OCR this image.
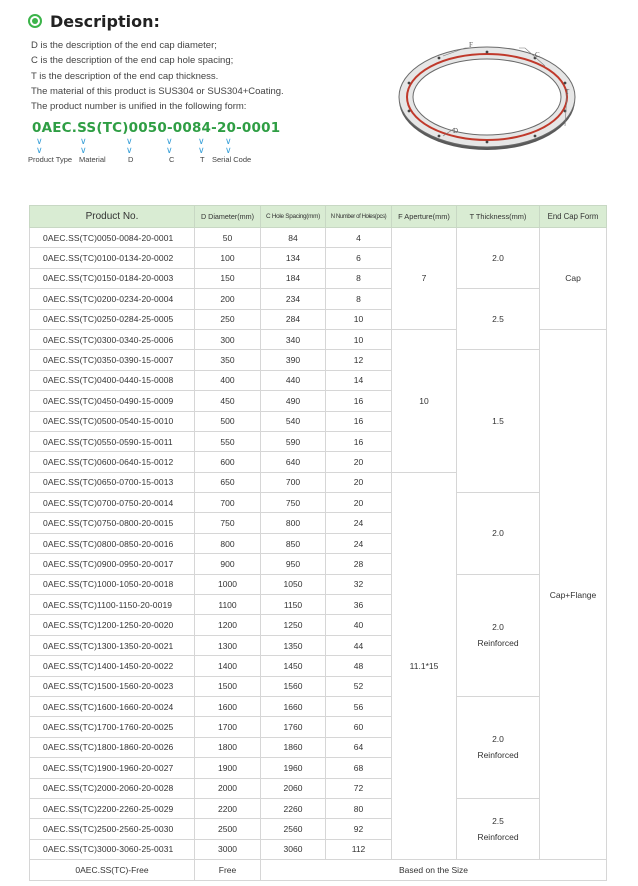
Description:

D is the description of the end cap diameter;

C is the description of the end cap hole spacing;

T is the description of the end cap thickness.

The material of this product is SUS304 or SUS304+Coating.

The product number is unified in the following form:

0AEC.SS(TC)0050-0084-20-0001
∨
∨
∨
∨
∨
∨
∨
∨
∨
∨
∨
∨
Product Type Material	D	C	T Serial Code
F
C
T
D
Product No.	D Diameter(mm)	C Hole Spacing(mm)	N Number of Holes(pcs)	F Aperture(mm)	T Thickness(mm)	End Cap Form
0AEC.SS(TC)0050-0084-20-0001	50	84	4	7	2.0	Cap
0AEC.SS(TC)0100-0134-20-0002	100	134	6			
0AEC.SS(TC)0150-0184-20-0003	150	184	8			
0AEC.SS(TC)0200-0234-20-0004	200	234	8		2.5	
0AEC.SS(TC)0250-0284-25-0005	250	284	10			
0AEC.SS(TC)0300-0340-25-0006	300	340	10	10		Cap+Flange
0AEC.SS(TC)0350-0390-15-0007	350	390	12		1.5	
0AEC.SS(TC)0400-0440-15-0008	400	440	14			
0AEC.SS(TC)0450-0490-15-0009	450	490	16			
0AEC.SS(TC)0500-0540-15-0010	500	540	16			
0AEC.SS(TC)0550-0590-15-0011	550	590	16			
0AEC.SS(TC)0600-0640-15-0012	600	640	20			
0AEC.SS(TC)0650-0700-15-0013	650	700	20	11.1*15		
0AEC.SS(TC)0700-0750-20-0014	700	750	20		2.0	
0AEC.SS(TC)0750-0800-20-0015	750	800	24			
0AEC.SS(TC)0800-0850-20-0016	800	850	24			
0AEC.SS(TC)0900-0950-20-0017	900	950	28			
0AEC.SS(TC)1000-1050-20-0018	1000	1050	32		2.0
Reinforced	
0AEC.SS(TC)1100-1150-20-0019	1100	1150	36			
0AEC.SS(TC)1200-1250-20-0020	1200	1250	40			
0AEC.SS(TC)1300-1350-20-0021	1300	1350	44			
0AEC.SS(TC)1400-1450-20-0022	1400	1450	48			
0AEC.SS(TC)1500-1560-20-0023	1500	1560	52			
0AEC.SS(TC)1600-1660-20-0024	1600	1660	56		2.0
Reinforced	
0AEC.SS(TC)1700-1760-20-0025	1700	1760	60			
0AEC.SS(TC)1800-1860-20-0026	1800	1860	64			
0AEC.SS(TC)1900-1960-20-0027	1900	1960	68			
0AEC.SS(TC)2000-2060-20-0028	2000	2060	72			
0AEC.SS(TC)2200-2260-25-0029	2200	2260	80		2.5
Reinforced	
0AEC.SS(TC)2500-2560-25-0030	2500	2560	92			
0AEC.SS(TC)3000-3060-25-0031	3000	3060	112			
0AEC.SS(TC)-Free	Free	Based on the Size				
